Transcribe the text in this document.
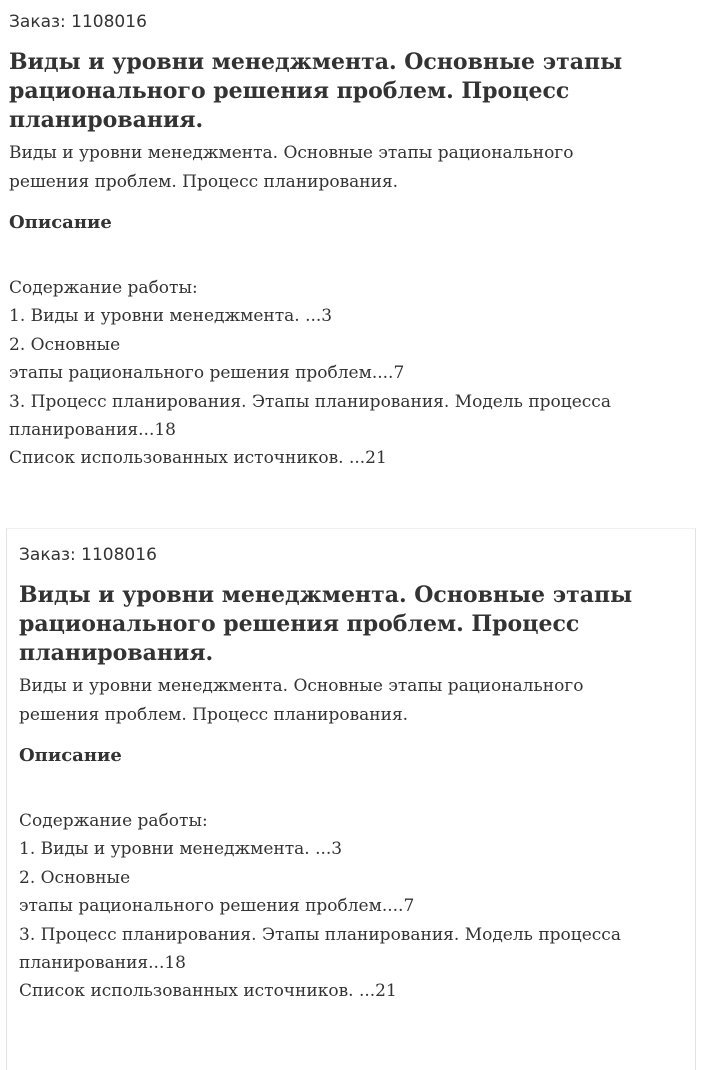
Заказ: 1108016

Виды и уровни менеджмента. Основные этапы
рационального решения проблем. Процесс
планирования.

Виды и уровни менеджмента. Основные этапы рационального
решения проблем. Процесс планирования.

Описание
Содержание работы:
1. Виды и уровни менеджмента. ...3
2. Основные
этапы рационального решения проблем....7
3. Процесс планирования. Этапы планирования. Модель процесса
планирования...18
Список использованных источников. ...21

Заказ: 1108016

Виды и уровни менеджмента. Основные этапы
рационального решения проблем. Процесс
планирования.

Виды и уровни менеджмента. Основные этапы рационального
решения проблем. Процесс планирования.

Описание
Содержание работы:
1. Виды и уровни менеджмента. ...3
2. Основные
этапы рационального решения проблем....7
3. Процесс планирования. Этапы планирования. Модель процесса
планирования...18
Список использованных источников. ...21
